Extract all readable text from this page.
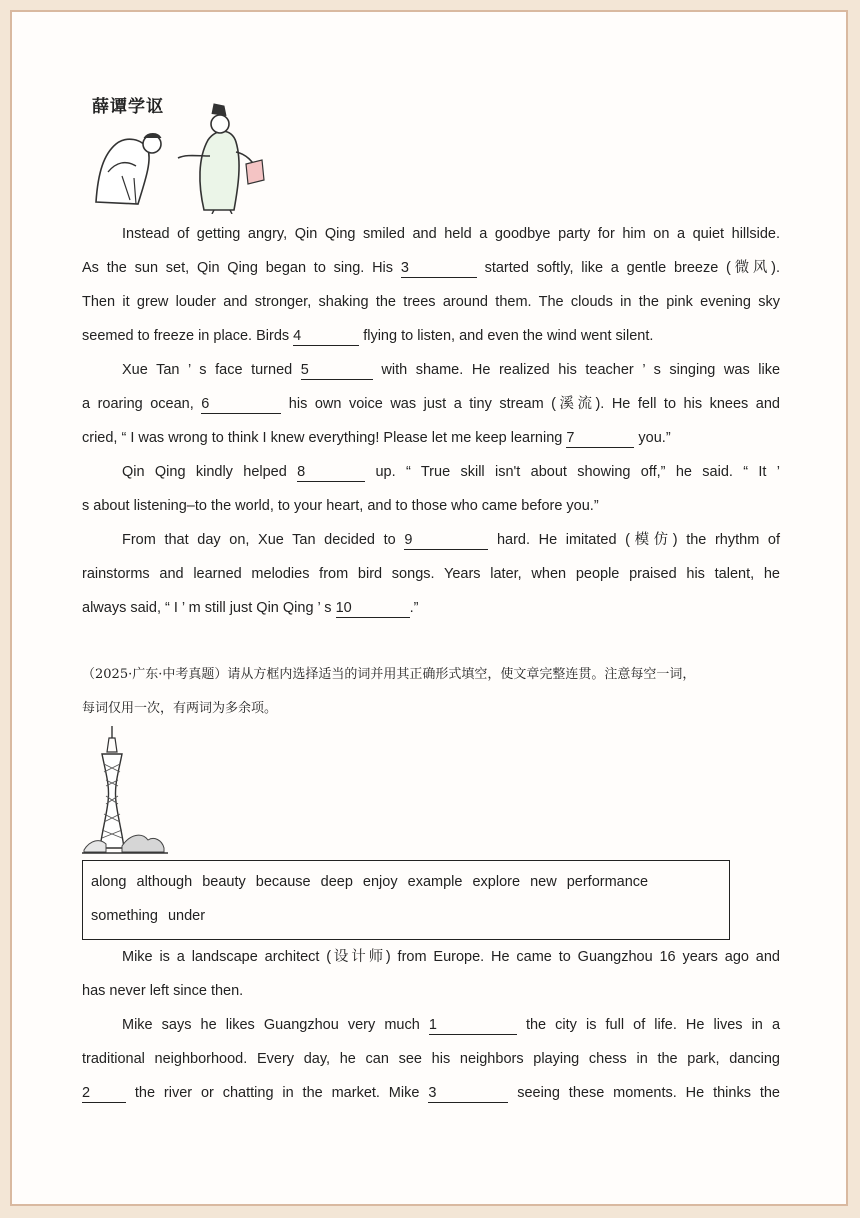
薛谭学讴
Instead of getting angry, Qin Qing smiled and held a goodbye party for him on a quiet hillside.
As the sun set, Qin Qing began to sing. His 3	started softly, like a gentle breeze (微风).
Then it grew louder and stronger, shaking the trees around them. The clouds in the pink evening sky
seemed to freeze in place. Birds 4	flying to listen, and even the wind went silent.
Xue Tan ’ s face turned 5	with shame. He realized his teacher ’ s singing was like
a roaring ocean, 6	his own voice was just a tiny stream (溪流). He fell to his knees and
cried, “ I was wrong to think I knew everything! Please let me keep learning 7	you.”
Qin Qing kindly helped 8	up. “ True skill isn't about showing off,” he said. “ It ’
s about listening–to the world, to your heart, and to those who came before you.”
From that day on, Xue Tan decided to 9	hard. He imitated (模仿) the rhythm of
rainstorms and learned melodies from bird songs. Years later, when people praised his talent, he
always said, “ I ’ m still just Qin Qing ’ s 10	.”
（2025·广东·中考真题）请从方框内选择适当的词并用其正确形式填空，使文章完整连贯。注意每空一词，
每词仅用一次，有两词为多余项。
along although beauty because deep enjoy example explore new performance
something under
Mike is a landscape architect (设计师) from Europe. He came to Guangzhou 16 years ago and
has never left since then.
Mike says he likes Guangzhou very much 1	the city is full of life. He lives in a
traditional neighborhood. Every day, he can see his neighbors playing chess in the park, dancing
2	the river or chatting in the market. Mike 3	seeing these moments. He thinks the
